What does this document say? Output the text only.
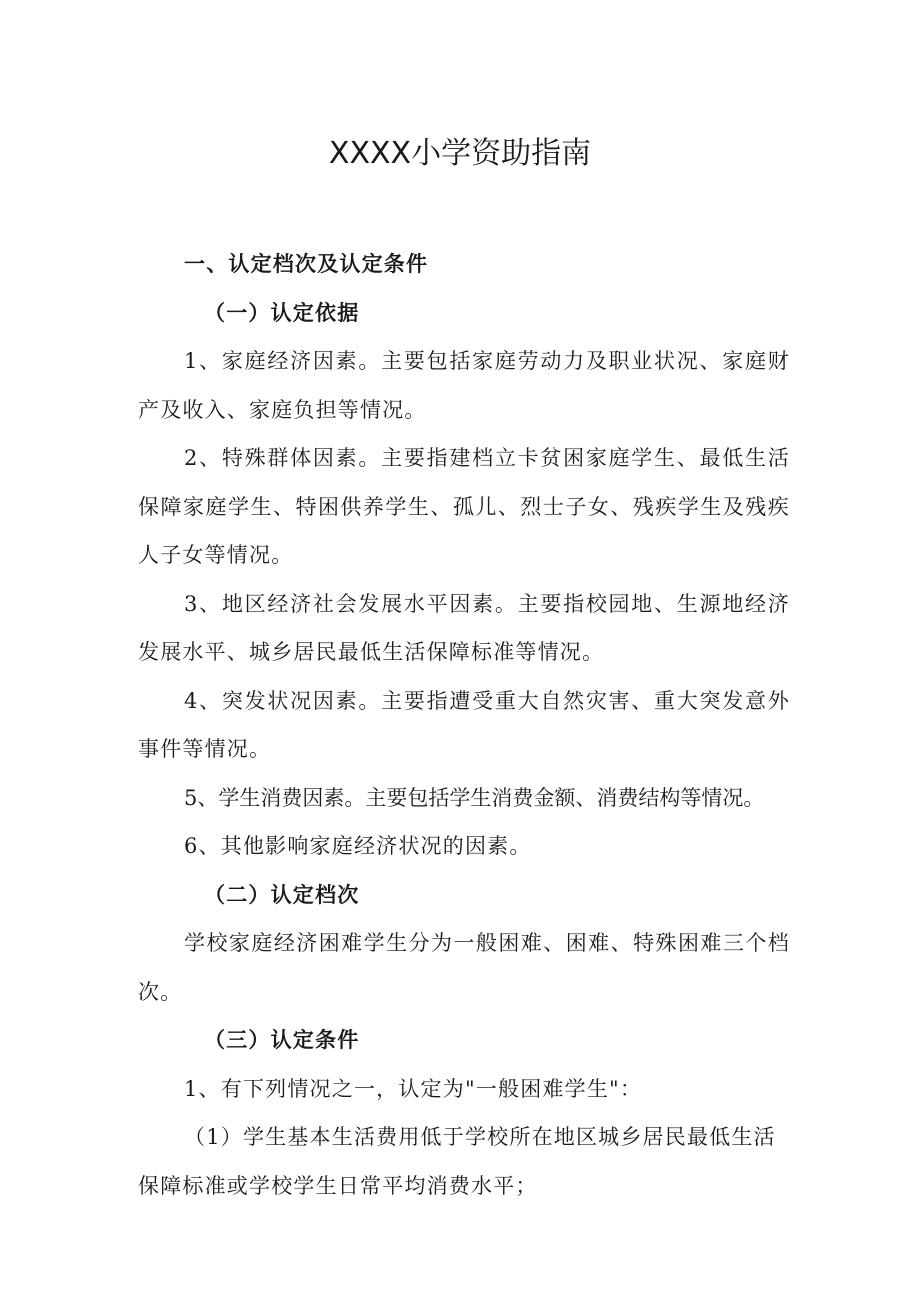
XXXX小学资助指南

一、认定档次及认定条件

（一）认定依据

1、家庭经济因素。主要包括家庭劳动力及职业状况、家庭财产及收入、家庭负担等情况。

2、特殊群体因素。主要指建档立卡贫困家庭学生、最低生活保障家庭学生、特困供养学生、孤儿、烈士子女、残疾学生及残疾人子女等情况。

3、地区经济社会发展水平因素。主要指校园地、生源地经济发展水平、城乡居民最低生活保障标准等情况。

4、突发状况因素。主要指遭受重大自然灾害、重大突发意外事件等情况。

5、学生消费因素。主要包括学生消费金额、消费结构等情况。

6、其他影响家庭经济状况的因素。

（二）认定档次

学校家庭经济困难学生分为一般困难、困难、特殊困难三个档次。

（三）认定条件

1、有下列情况之一，认定为"一般困难学生"：

（1）学生基本生活费用低于学校所在地区城乡居民最低生活保障标准或学校学生日常平均消费水平；
